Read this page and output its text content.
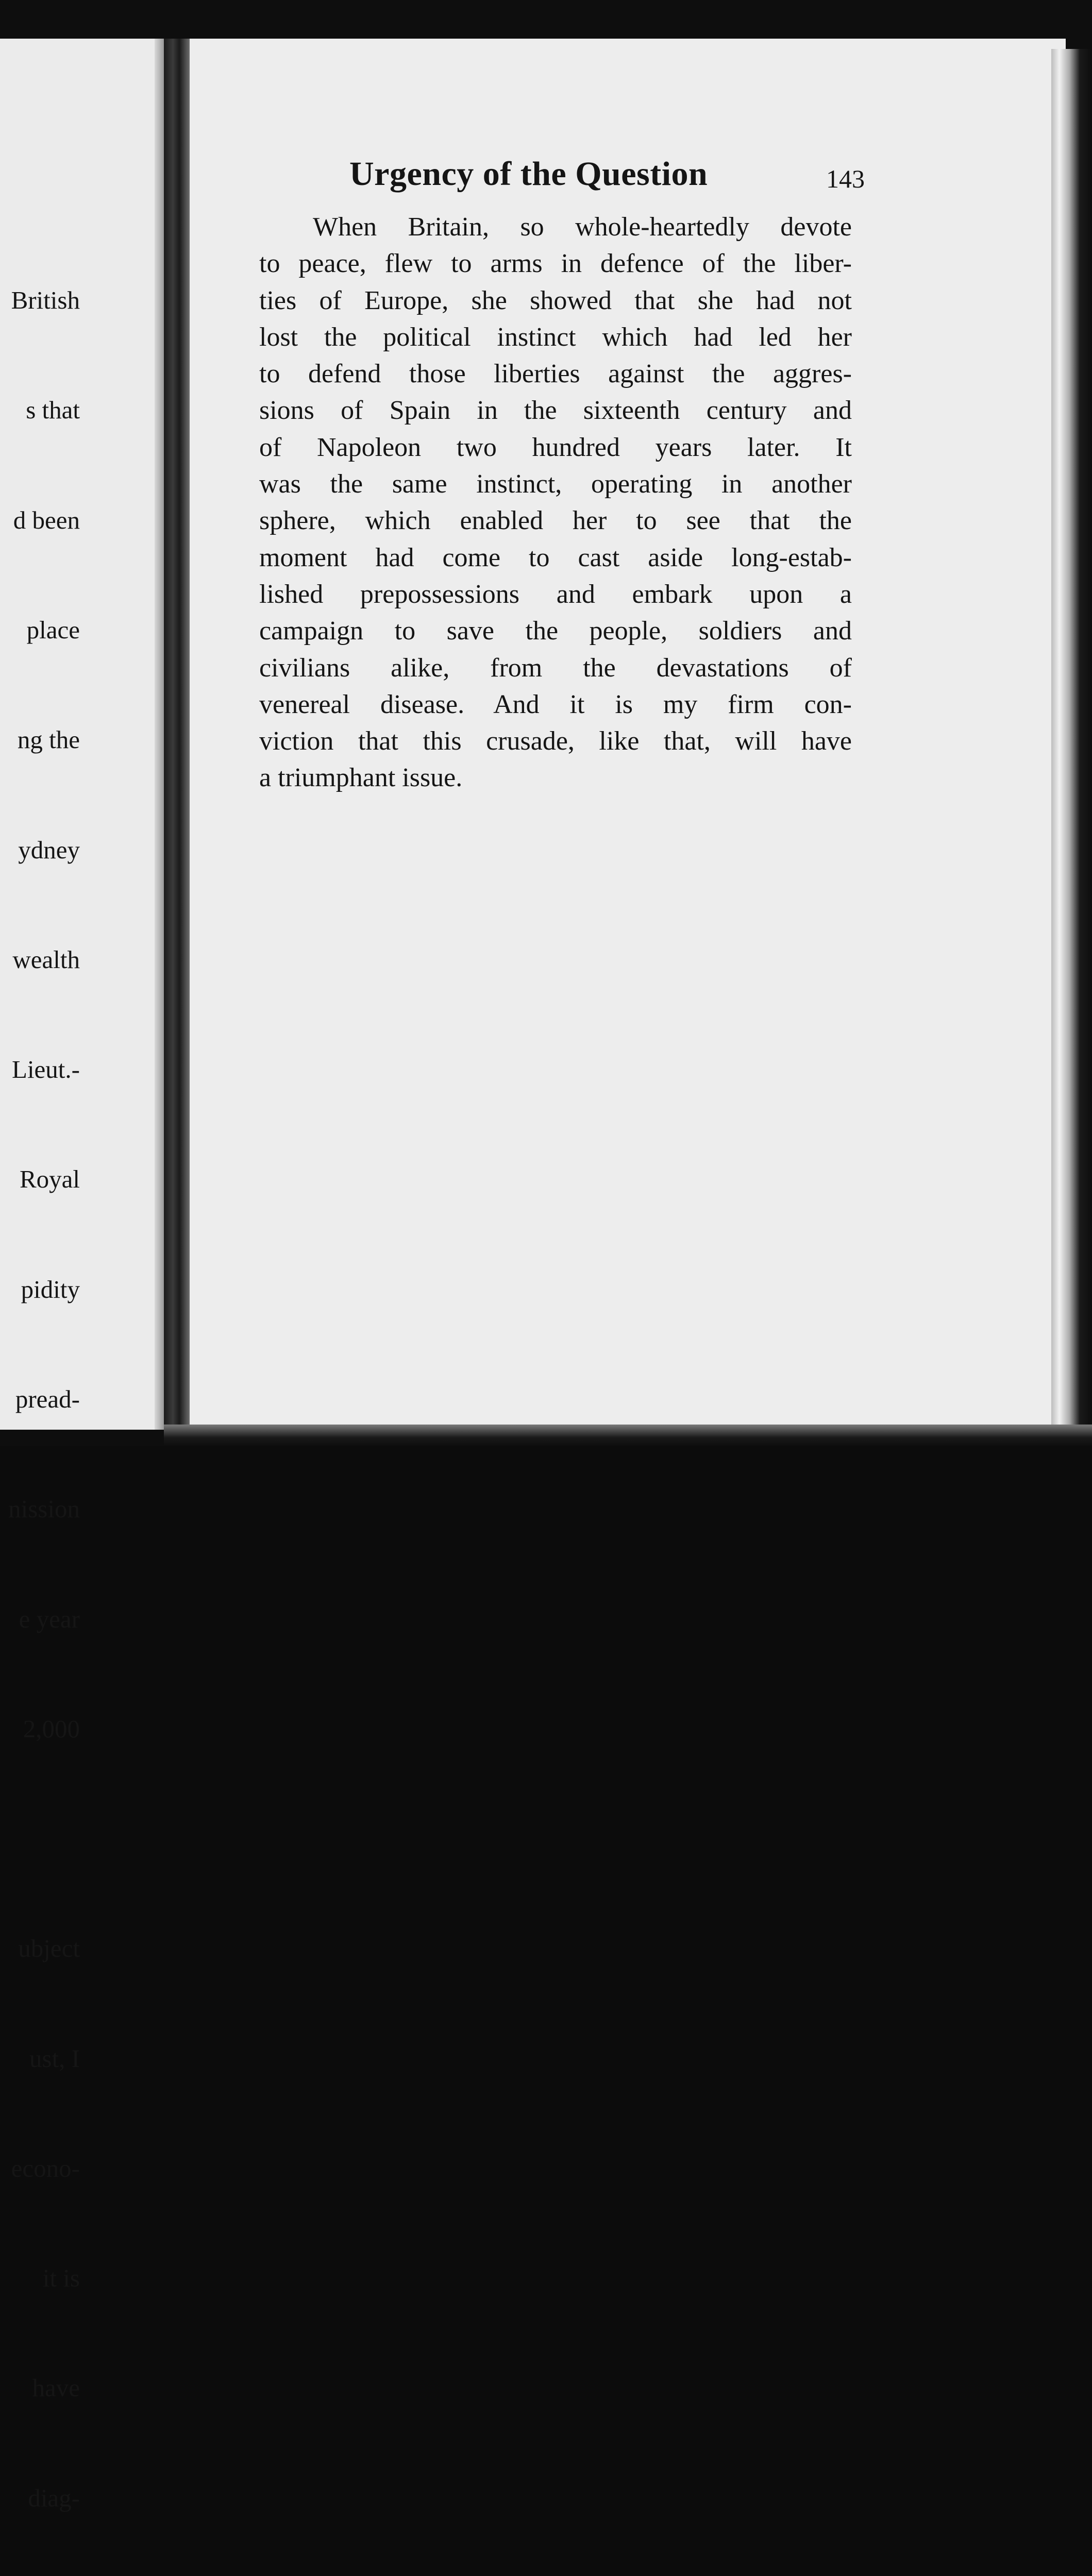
British

s that

d been

place

ng the

ydney

wealth

Lieut.-

Royal

pidity

pread-

nission

e year

2,000

ubject

ust, I

econo-

it is

have

diag-

Urgency of the Question	143
When Britain, so whole-heartedly devote
to peace, flew to arms in defence of the liber-
ties of Europe, she showed that she had not
lost the political instinct which had led her
to defend those liberties against the aggres-
sions of Spain in the sixteenth century and
of Napoleon two hundred years later. It
was the same instinct, operating in another
sphere, which enabled her to see that the
moment had come to cast aside long-estab-
lished prepossessions and embark upon a
campaign to save the people, soldiers and
civilians alike, from the devastations of
venereal disease. And it is my firm con-
viction that this crusade, like that, will have
a triumphant issue.
